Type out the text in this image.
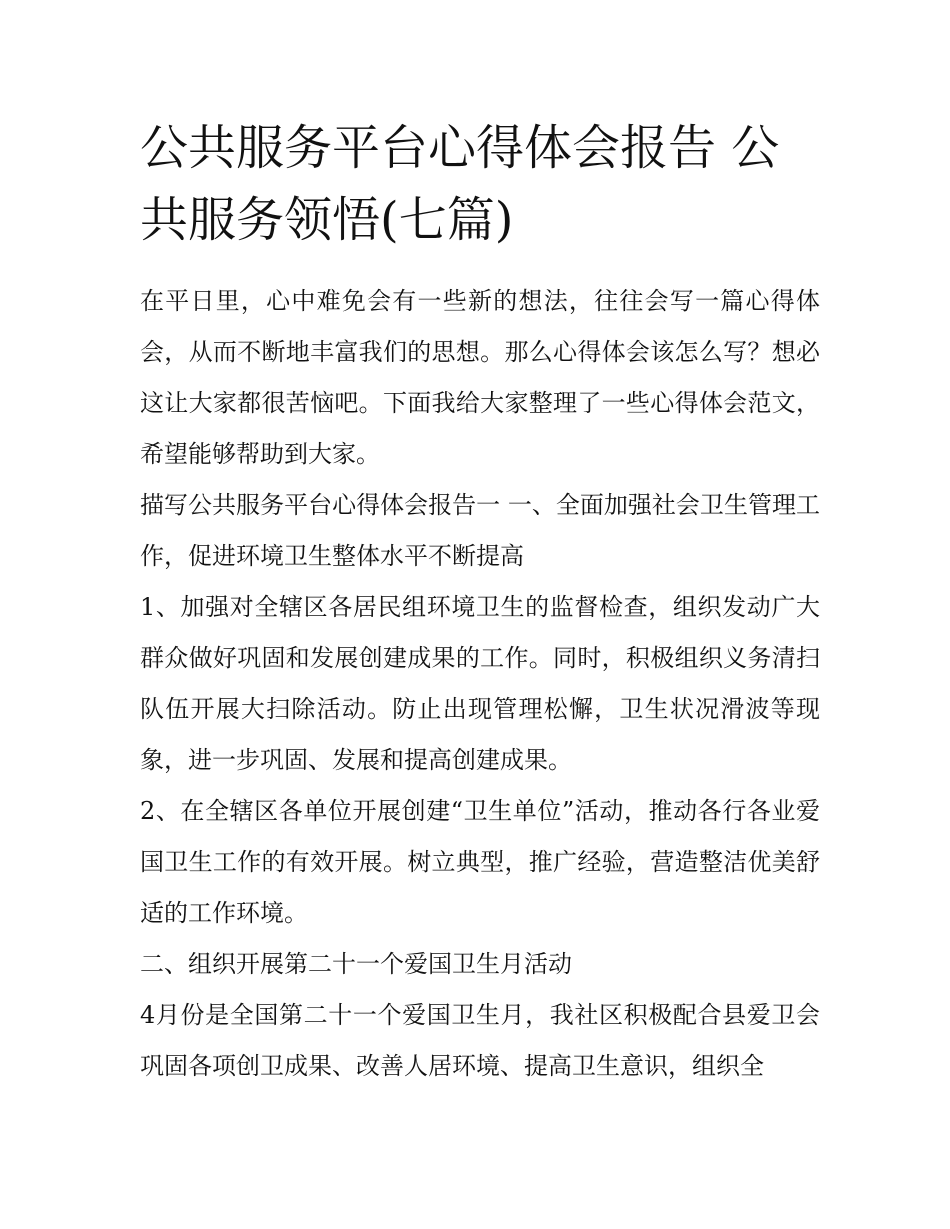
公共服务平台心得体会报告 公共服务领悟(七篇)

在平日里，心中难免会有一些新的想法，往往会写一篇心得体会，从而不断地丰富我们的思想。那么心得体会该怎么写？想必这让大家都很苦恼吧。下面我给大家整理了一些心得体会范文，希望能够帮助到大家。

描写公共服务平台心得体会报告一 一、全面加强社会卫生管理工作，促进环境卫生整体水平不断提高

1、加强对全辖区各居民组环境卫生的监督检查，组织发动广大群众做好巩固和发展创建成果的工作。同时，积极组织义务清扫队伍开展大扫除活动。防止出现管理松懈，卫生状况滑波等现象，进一步巩固、发展和提高创建成果。

2、在全辖区各单位开展创建“卫生单位”活动，推动各行各业爱国卫生工作的有效开展。树立典型，推广经验，营造整洁优美舒适的工作环境。

二、组织开展第二十一个爱国卫生月活动

4月份是全国第二十一个爱国卫生月，我社区积极配合县爱卫会巩固各项创卫成果、改善人居环境、提高卫生意识，组织全
